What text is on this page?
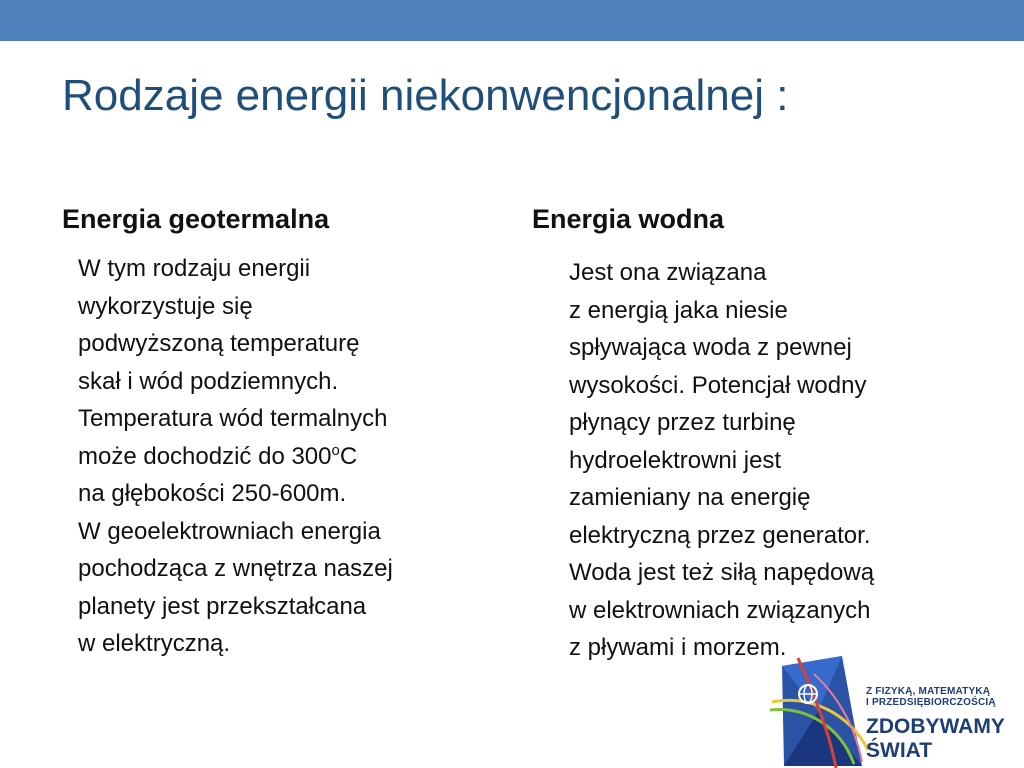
Rodzaje energii niekonwencjonalnej :
Energia geotermalna
W tym rodzaju energii
wykorzystuje się
podwyższoną temperaturę
skał i wód podziemnych.
Temperatura wód termalnych
może dochodzić do 300$^o$C
na głębokości 250-600m.
W geoelektrowniach energia
pochodząca z wnętrza naszej
planety jest przekształcana
w elektryczną.
Energia wodna
Jest ona związana
z energią jaka niesie
spływająca woda z pewnej
wysokości. Potencjał wodny
płynący przez turbinę
hydroelektrowni jest
zamieniany na energię
elektryczną przez generator.
Woda jest też siłą napędową
w elektrowniach związanych
z pływami i morzem.
Z FIZYKĄ, MATEMATYKĄ
I PRZEDSIĘBIORCZOŚCIĄ
ZDOBYWAMY
ŚWIAT
